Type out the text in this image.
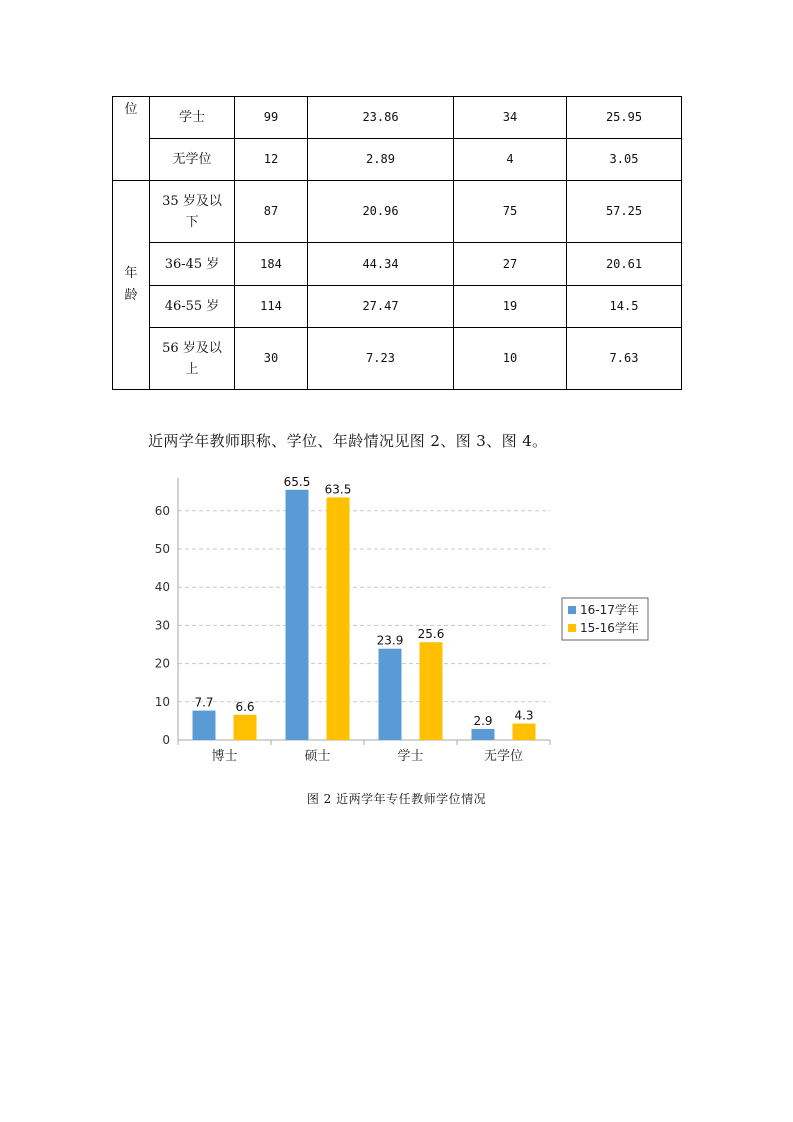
位	学士	99	23.86	34	25.95
	无学位	12	2.89	4	3.05
年龄	35 岁及以下	87	20.96	75	57.25
	36-45 岁	184	44.34	27	20.61
	46-55 岁	114	27.47	19	14.5
	56 岁及以上	30	7.23	10	7.63
近两学年教师职称、学位、年龄情况见图 2、图 3、图 4。
0
10
20
30
40
50
60
7.7 6.6
博士
65.5
63.5
硕士
23.9 25.6
学士
2.9 4.3
无学位
16-17学年
15-16学年
图 2 近两学年专任教师学位情况
